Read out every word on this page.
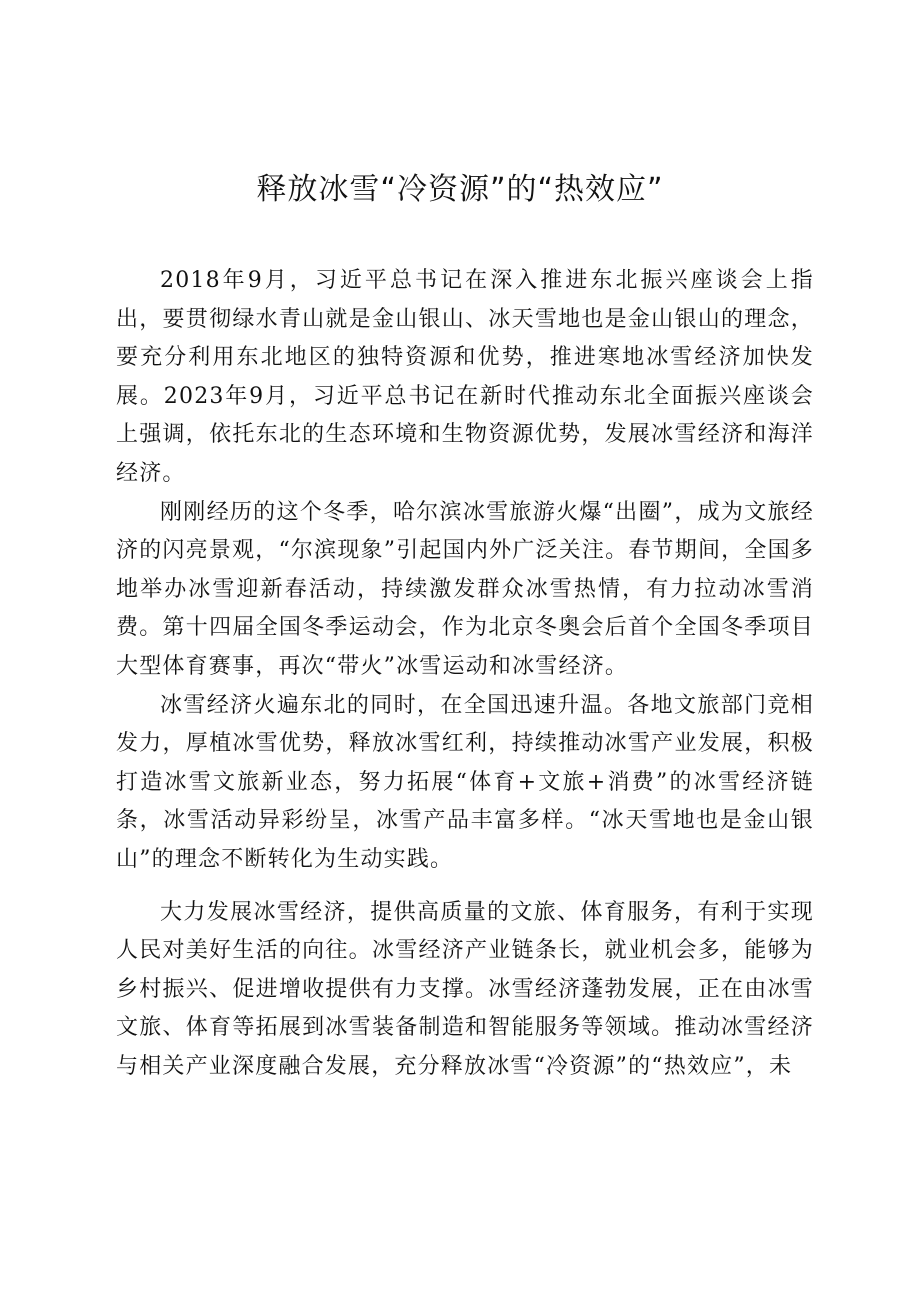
释放冰雪“冷资源”的“热效应”

2018年9月，习近平总书记在深入推进东北振兴座谈会上指出，要贯彻绿水青山就是金山银山、冰天雪地也是金山银山的理念，要充分利用东北地区的独特资源和优势，推进寒地冰雪经济加快发展。2023年9月，习近平总书记在新时代推动东北全面振兴座谈会上强调，依托东北的生态环境和生物资源优势，发展冰雪经济和海洋经济。

刚刚经历的这个冬季，哈尔滨冰雪旅游火爆“出圈”，成为文旅经济的闪亮景观，“尔滨现象”引起国内外广泛关注。春节期间，全国多地举办冰雪迎新春活动，持续激发群众冰雪热情，有力拉动冰雪消费。第十四届全国冬季运动会，作为北京冬奥会后首个全国冬季项目大型体育赛事，再次“带火”冰雪运动和冰雪经济。

冰雪经济火遍东北的同时，在全国迅速升温。各地文旅部门竞相发力，厚植冰雪优势，释放冰雪红利，持续推动冰雪产业发展，积极打造冰雪文旅新业态，努力拓展“体育+文旅+消费”的冰雪经济链条，冰雪活动异彩纷呈，冰雪产品丰富多样。“冰天雪地也是金山银山”的理念不断转化为生动实践。

大力发展冰雪经济，提供高质量的文旅、体育服务，有利于实现人民对美好生活的向往。冰雪经济产业链条长，就业机会多，能够为乡村振兴、促进增收提供有力支撑。冰雪经济蓬勃发展，正在由冰雪文旅、体育等拓展到冰雪装备制造和智能服务等领域。推动冰雪经济与相关产业深度融合发展，充分释放冰雪“冷资源”的“热效应”，未
